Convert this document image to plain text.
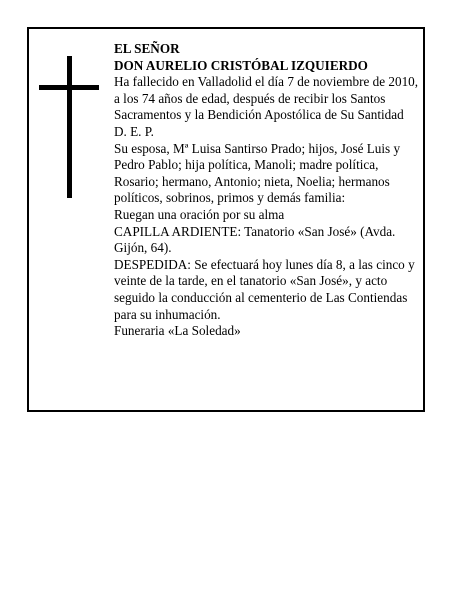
EL SEÑOR

DON AURELIO CRISTÓBAL IZQUIERDO

Ha fallecido en Valladolid el día 7 de noviembre de 2010, a los 74 años de edad, después de recibir los Santos Sacramentos y la Bendición Apostólica de Su Santidad

D. E. P.

Su esposa, Mª Luisa Santirso Prado; hijos, José Luis y Pedro Pablo; hija política, Manoli; madre política, Rosario; hermano, Antonio; nieta, Noelia; hermanos políticos, sobrinos, primos y demás familia:

Ruegan una oración por su alma

CAPILLA ARDIENTE: Tanatorio «San José» (Avda. Gijón, 64).

DESPEDIDA: Se efectuará hoy lunes día 8, a las cinco y veinte de la tarde, en el tanatorio «San José», y acto seguido la conducción al cementerio de Las Contiendas para su inhumación.

Funeraria «La Soledad»
